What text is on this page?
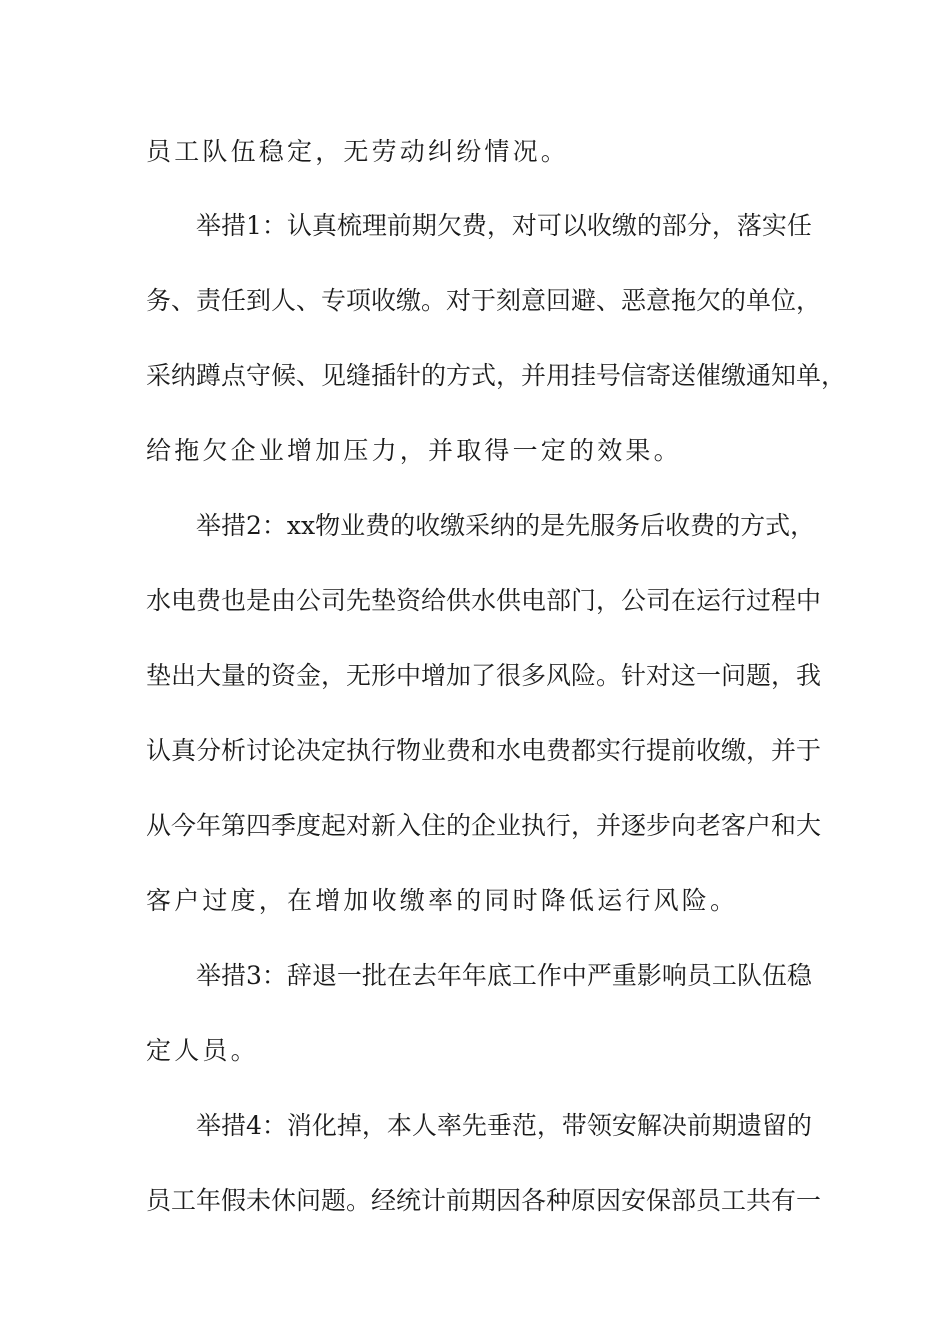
员工队伍稳定，无劳动纠纷情况。
举措1：认真梳理前期欠费，对可以收缴的部分，落实任
务、责任到人、专项收缴。对于刻意回避、恶意拖欠的单位，
采纳蹲点守候、见缝插针的方式，并用挂号信寄送催缴通知单，
给拖欠企业增加压力，并取得一定的效果。
举措2：xx物业费的收缴采纳的是先服务后收费的方式，
水电费也是由公司先垫资给供水供电部门，公司在运行过程中
垫出大量的资金，无形中增加了很多风险。针对这一问题，我
认真分析讨论决定执行物业费和水电费都实行提前收缴，并于
从今年第四季度起对新入住的企业执行，并逐步向老客户和大
客户过度，在增加收缴率的同时降低运行风险。
举措3：辞退一批在去年年底工作中严重影响员工队伍稳
定人员。
举措4：消化掉，本人率先垂范，带领安解决前期遗留的
员工年假未休问题。经统计前期因各种原因安保部员工共有一
